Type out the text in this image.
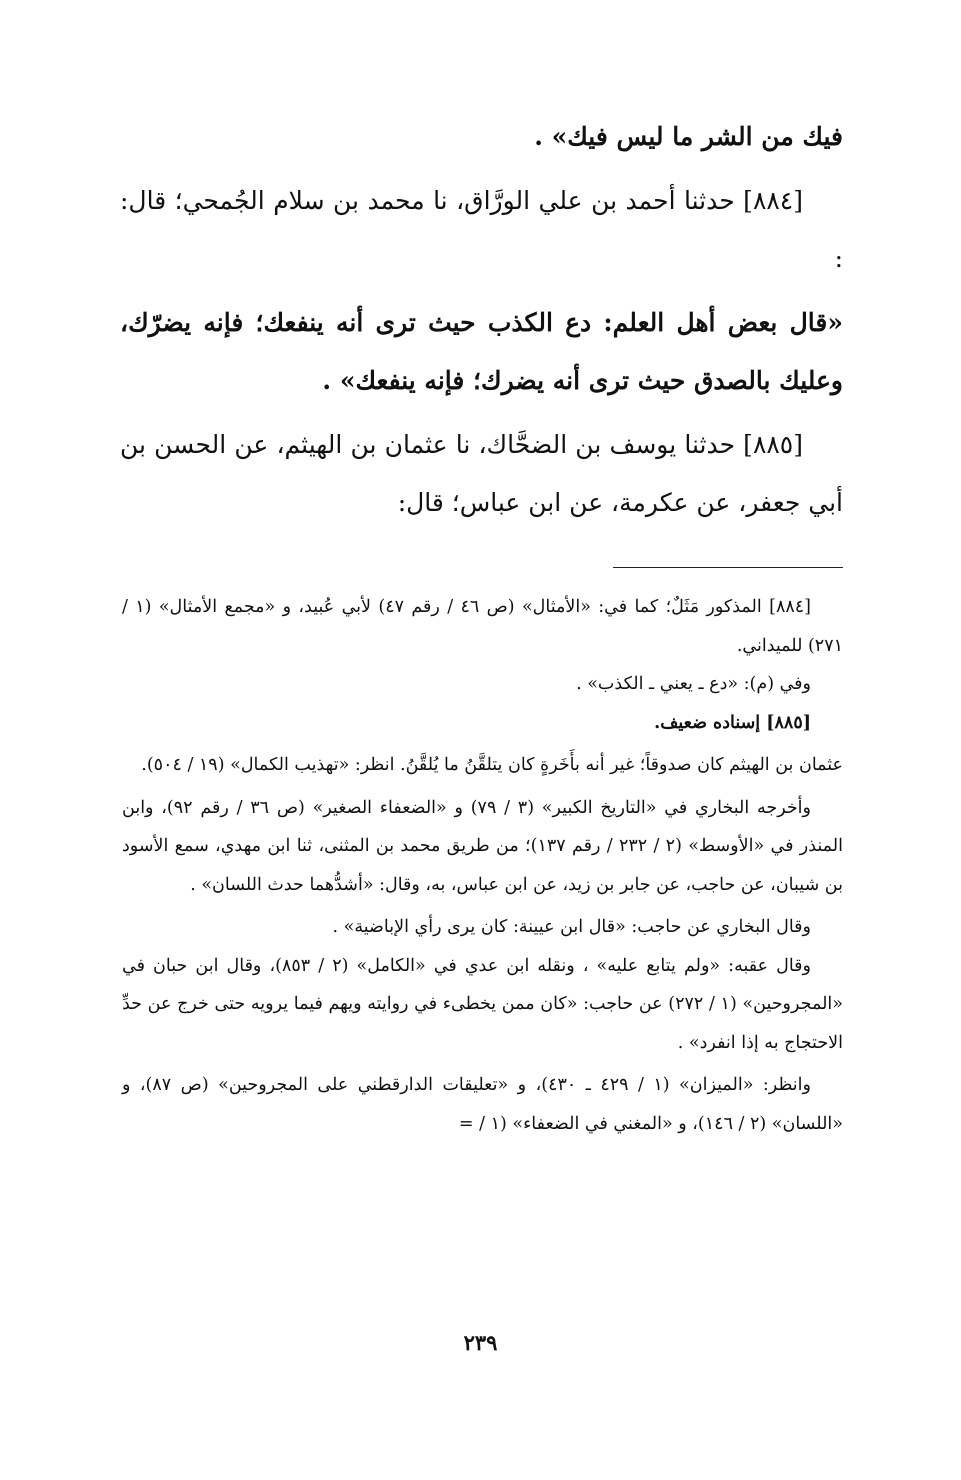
فيك من الشر ما ليس فيك» .

[٨٨٤] حدثنا أحمد بن علي الورَّاق، نا محمد بن سلام الجُمحي؛ قال: :

«قال بعض أهل العلم: دع الكذب حيث ترى أنه ينفعك؛ فإنه يضرّك، وعليك بالصدق حيث ترى أنه يضرك؛ فإنه ينفعك» .

[٨٨٥] حدثنا يوسف بن الضحَّاك، نا عثمان بن الهيثم، عن الحسن بن أبي جعفر، عن عكرمة، عن ابن عباس؛ قال:

[٨٨٤] المذكور مَثَلٌ؛ كما في: «الأمثال» (ص ٤٦ / رقم ٤٧) لأبي عُبيد، و «مجمع الأمثال» (١ / ٢٧١) للميداني.

وفي (م): «دع ـ يعني ـ الكذب» .

[٨٨٥] إسناده ضعيف.

عثمان بن الهيثم كان صدوقاً؛ غير أنه بأَخَرةٍ كان يتلقَّنُ ما يُلقَّنُ. انظر: «تهذيب الكمال» (١٩ / ٥٠٤).

وأخرجه البخاري في «التاريخ الكبير» (٣ / ٧٩) و «الضعفاء الصغير» (ص ٣٦ / رقم ٩٢)، وابن المنذر في «الأوسط» (٢ / ٢٣٢ / رقم ١٣٧)؛ من طريق محمد بن المثنى، ثنا ابن مهدي، سمع الأسود بن شيبان، عن حاجب، عن جابر بن زيد، عن ابن عباس، به، وقال: «أشدُّهما حدث اللسان» .

وقال البخاري عن حاجب: «قال ابن عيينة: كان يرى رأي الإباضية» .

وقال عقبه: «ولم يتابع عليه» ، ونقله ابن عدي في «الكامل» (٢ / ٨٥٣)، وقال ابن حبان في «المجروحين» (١ / ٢٧٢) عن حاجب: «كان ممن يخطىء في روايته ويهم فيما يرويه حتى خرج عن حدِّ الاحتجاج به إذا انفرد» .

وانظر: «الميزان» (١ / ٤٢٩ ـ ٤٣٠)، و «تعليقات الدارقطني على المجروحين» (ص ٨٧)، و «اللسان» (٢ / ١٤٦)، و «المغني في الضعفاء» (١ / =

٢٣٩
